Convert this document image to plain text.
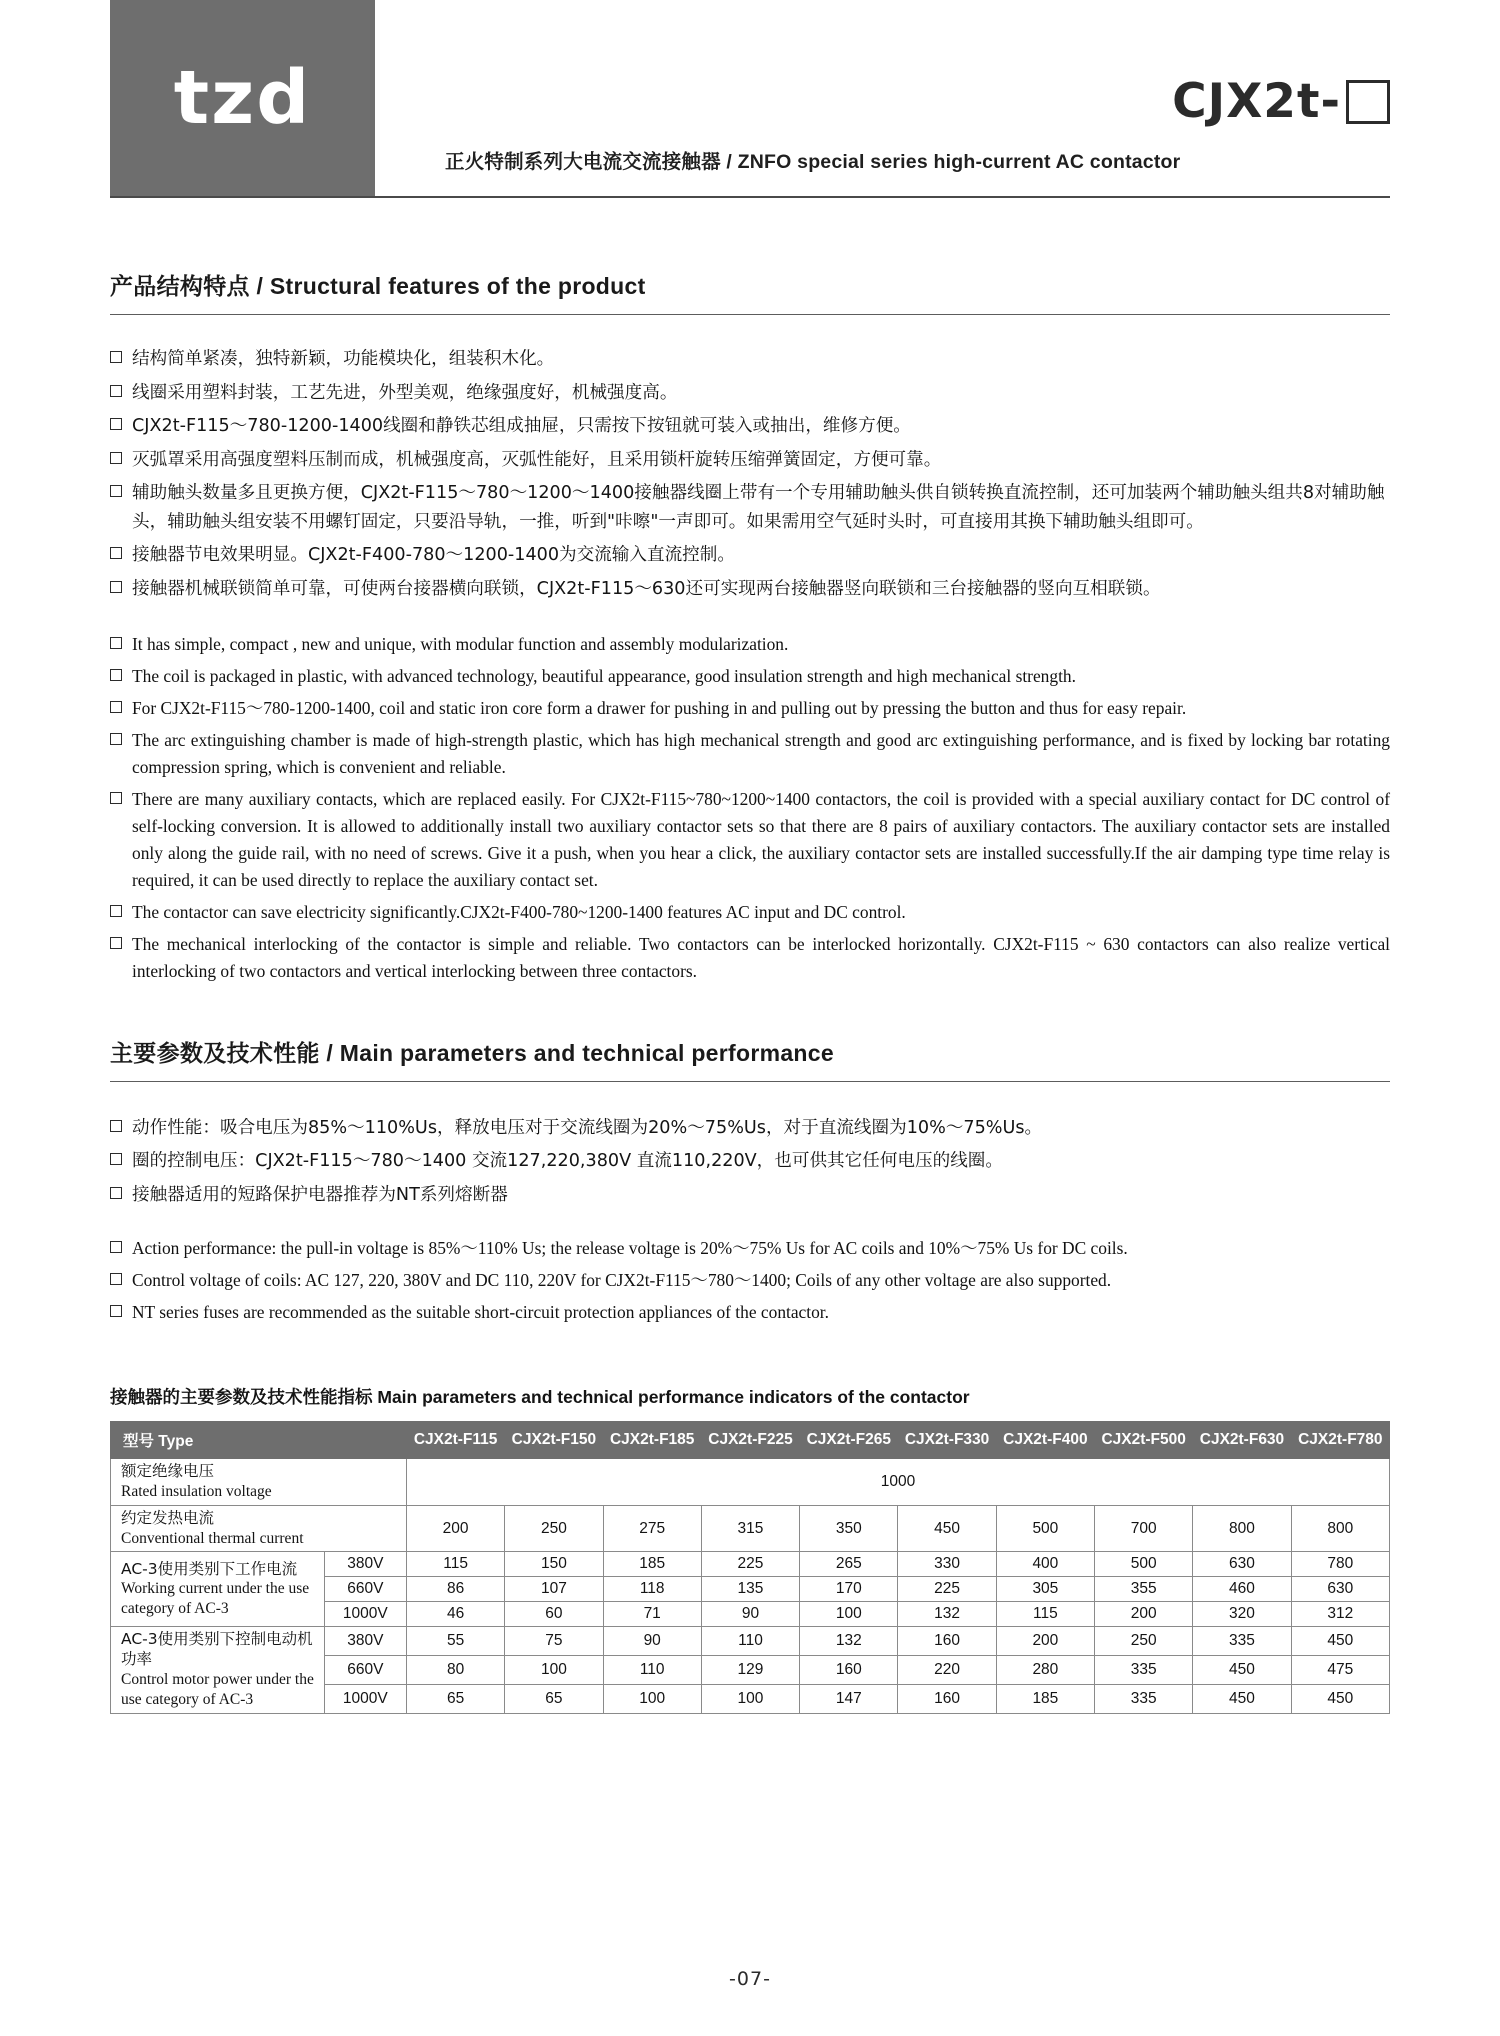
tzd	CJX2t-
正火特制系列大电流交流接触器 / ZNFO special series high-current AC contactor
产品结构特点 / Structural features of the product
结构简单紧凑，独特新颖，功能模块化，组装积木化。
线圈采用塑料封装，工艺先进，外型美观，绝缘强度好，机械强度高。
CJX2t-F115～780-1200-1400线圈和静铁芯组成抽屉，只需按下按钮就可装入或抽出，维修方便。
灭弧罩采用高强度塑料压制而成，机械强度高，灭弧性能好，且采用锁杆旋转压缩弹簧固定，方便可靠。
辅助触头数量多且更换方便，CJX2t-F115～780～1200～1400接触器线圈上带有一个专用辅助触头供自锁转换直流控制，还可加装两个辅助触头组共8对辅助触头，辅助触头组安装不用螺钉固定，只要沿导轨，一推，听到"咔嚓"一声即可。如果需用空气延时头时，可直接用其换下辅助触头组即可。
接触器节电效果明显。CJX2t-F400-780～1200-1400为交流输入直流控制。
接触器机械联锁简单可靠，可使两台接器横向联锁，CJX2t-F115～630还可实现两台接触器竖向联锁和三台接触器的竖向互相联锁。
It has simple, compact , new and unique, with modular function and assembly modularization.
The coil is packaged in plastic, with advanced technology, beautiful appearance, good insulation strength and high mechanical strength.
For CJX2t-F115～780-1200-1400, coil and static iron core form a drawer for pushing in and pulling out by pressing the button and thus for easy repair.
The arc extinguishing chamber is made of high-strength plastic, which has high mechanical strength and good arc extinguishing performance, and is fixed by locking bar rotating compression spring, which is convenient and reliable.
There are many auxiliary contacts, which are replaced easily. For CJX2t-F115~780~1200~1400 contactors, the coil is provided with a special auxiliary contact for DC control of self-locking conversion. It is allowed to additionally install two auxiliary contactor sets so that there are 8 pairs of auxiliary contactors. The auxiliary contactor sets are installed only along the guide rail, with no need of screws. Give it a push, when you hear a click, the auxiliary contactor sets are installed successfully.If the air damping type time relay is required, it can be used directly to replace the auxiliary contact set.
The contactor can save electricity significantly.CJX2t-F400-780~1200-1400 features AC input and DC control.
The mechanical interlocking of the contactor is simple and reliable. Two contactors can be interlocked horizontally. CJX2t-F115 ~ 630 contactors can also realize vertical interlocking of two contactors and vertical interlocking between three contactors.
主要参数及技术性能 / Main parameters and technical performance
动作性能：吸合电压为85%～110%Us，释放电压对于交流线圈为20%～75%Us，对于直流线圈为10%～75%Us。
圈的控制电压：CJX2t-F115～780～1400 交流127,220,380V 直流110,220V，也可供其它任何电压的线圈。
接触器适用的短路保护电器推荐为NT系列熔断器
Action performance: the pull-in voltage is 85%～110% Us; the release voltage is 20%～75% Us for AC coils and 10%～75% Us for DC coils.
Control voltage of coils: AC 127, 220, 380V and DC 110, 220V for CJX2t-F115～780～1400; Coils of any other voltage are also supported.
NT series fuses are recommended as the suitable short-circuit protection appliances of the contactor.
接触器的主要参数及技术性能指标 Main parameters and technical performance indicators of the contactor
型号 Type		CJX2t-F115	CJX2t-F150	CJX2t-F185	CJX2t-F225	CJX2t-F265	CJX2t-F330	CJX2t-F400	CJX2t-F500	CJX2t-F630	CJX2t-F780

额定绝缘电压
Rated insulation voltage		1000									

约定发热电流
Conventional thermal current		200	250	275	315	350	450	500	700	800	800

AC-3使用类别下工作电流
Working current under the use category of AC-3	380V	115	150	185	225	265	330	400	500	630	780
	660V	86	107	118	135	170	225	305	355	460	630
	1000V	46	60	71	90	100	132	115	200	320	312

AC-3使用类别下控制电动机功率
Control motor power under the use category of AC-3	380V	55	75	90	110	132	160	200	250	335	450
	660V	80	100	110	129	160	220	280	335	450	475
	1000V	65	65	100	100	147	160	185	335	450	450
-07-
